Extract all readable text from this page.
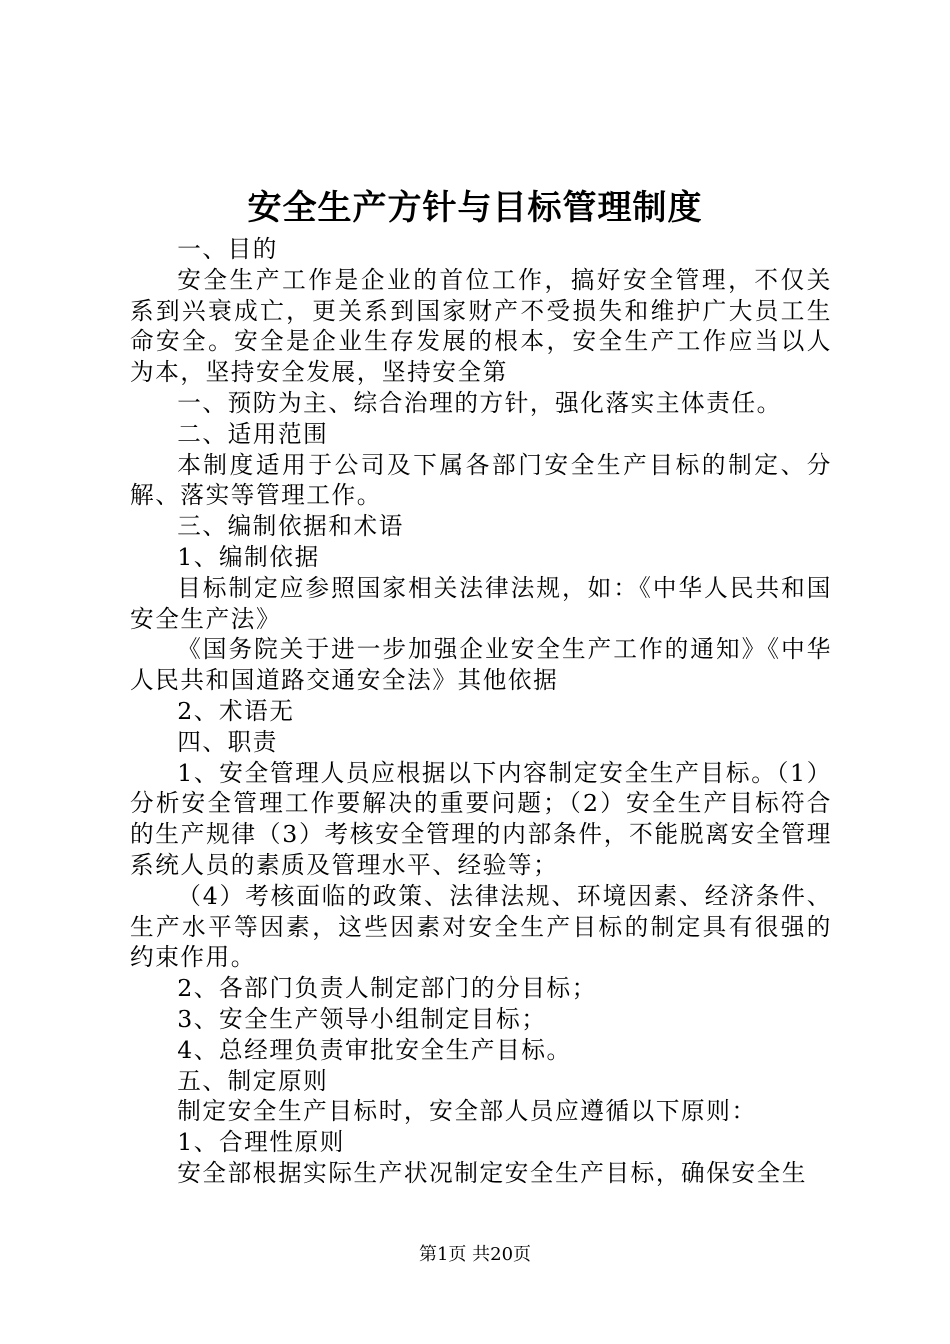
安全生产方针与目标管理制度

一、目的

安全生产工作是企业的首位工作，搞好安全管理，不仅关系到兴衰成亡，更关系到国家财产不受损失和维护广大员工生命安全。安全是企业生存发展的根本，安全生产工作应当以人为本，坚持安全发展，坚持安全第

一、预防为主、综合治理的方针，强化落实主体责任。

二、适用范围

本制度适用于公司及下属各部门安全生产目标的制定、分解、落实等管理工作。

三、编制依据和术语

1、编制依据

目标制定应参照国家相关法律法规，如：《中华人民共和国安全生产法》

《国务院关于进一步加强企业安全生产工作的通知》《中华人民共和国道路交通安全法》其他依据

2、术语无

四、职责

1、安全管理人员应根据以下内容制定安全生产目标。（1）分析安全管理工作要解决的重要问题；（2）安全生产目标符合的生产规律（3）考核安全管理的内部条件，不能脱离安全管理系统人员的素质及管理水平、经验等；

（4）考核面临的政策、法律法规、环境因素、经济条件、生产水平等因素，这些因素对安全生产目标的制定具有很强的约束作用。

2、各部门负责人制定部门的分目标；

3、安全生产领导小组制定目标；

4、总经理负责审批安全生产目标。

五、制定原则

制定安全生产目标时，安全部人员应遵循以下原则：

1、合理性原则

安全部根据实际生产状况制定安全生产目标，确保安全生

第1页 共20页
